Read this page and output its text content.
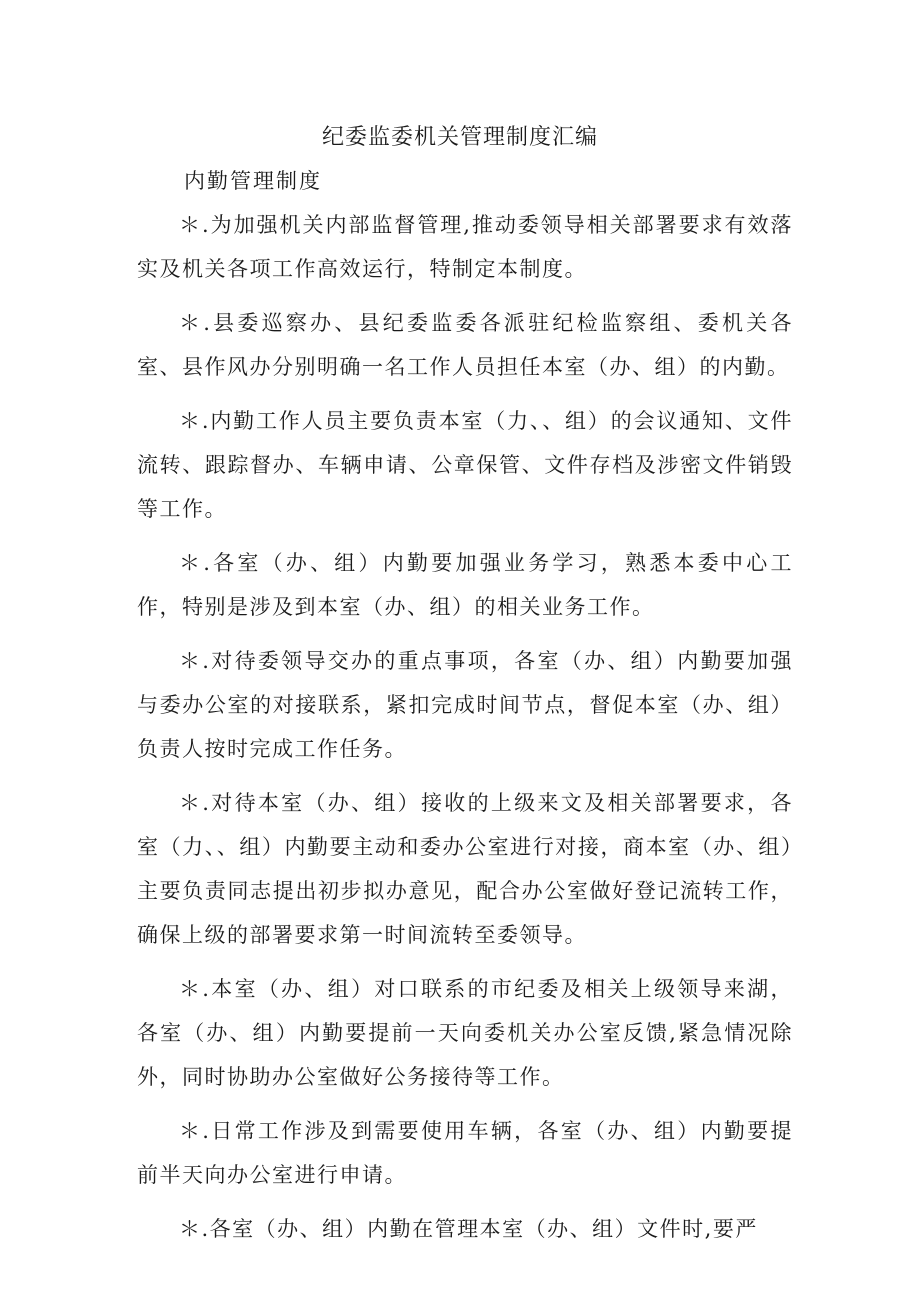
纪委监委机关管理制度汇编
内勤管理制度

＊.为加强机关内部监督管理,推动委领导相关部署要求有效落实及机关各项工作高效运行，特制定本制度。

＊.县委巡察办、县纪委监委各派驻纪检监察组、委机关各室、县作风办分别明确一名工作人员担任本室（办、组）的内勤。

＊.内勤工作人员主要负责本室（力、、组）的会议通知、文件流转、跟踪督办、车辆申请、公章保管、文件存档及涉密文件销毁等工作。

＊.各室（办、组）内勤要加强业务学习，熟悉本委中心工作，特别是涉及到本室（办、组）的相关业务工作。

＊.对待委领导交办的重点事项，各室（办、组）内勤要加强与委办公室的对接联系，紧扣完成时间节点，督促本室（办、组）负责人按时完成工作任务。

＊.对待本室（办、组）接收的上级来文及相关部署要求，各室（力、、组）内勤要主动和委办公室进行对接，商本室（办、组）主要负责同志提出初步拟办意见，配合办公室做好登记流转工作，确保上级的部署要求第一时间流转至委领导。

＊.本室（办、组）对口联系的市纪委及相关上级领导来湖，各室（办、组）内勤要提前一天向委机关办公室反馈,紧急情况除外，同时协助办公室做好公务接待等工作。

＊.日常工作涉及到需要使用车辆，各室（办、组）内勤要提前半天向办公室进行申请。

＊.各室（办、组）内勤在管理本室（办、组）文件时,要严
